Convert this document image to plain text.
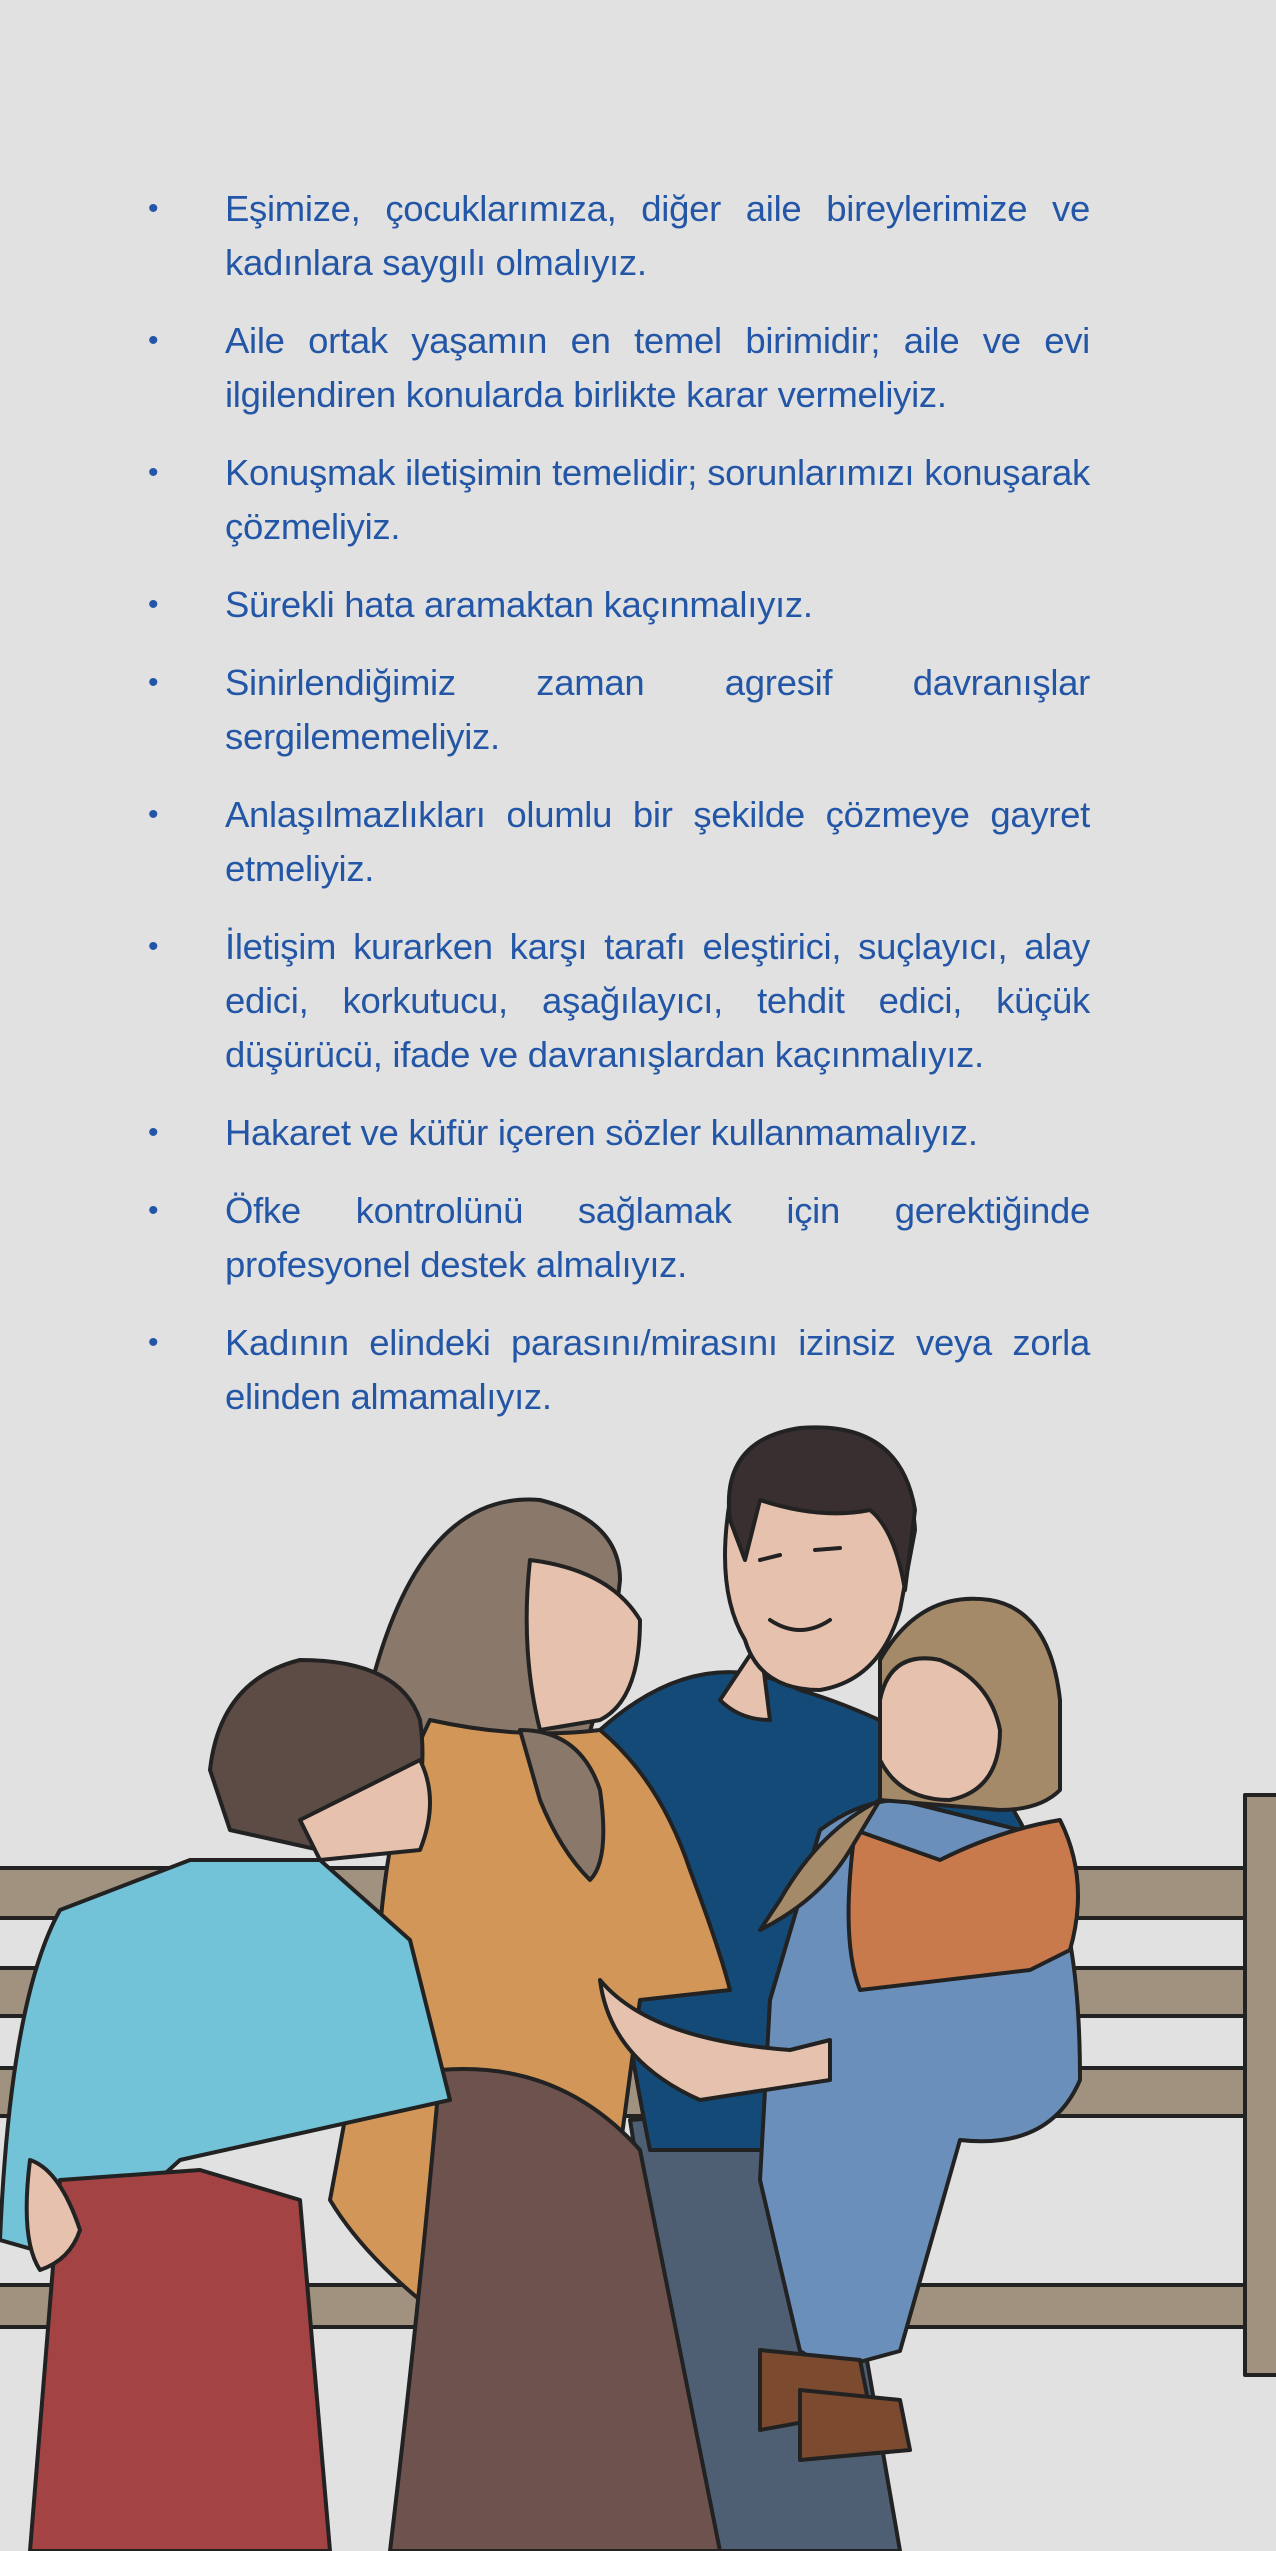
• Eşimize, çocuklarımıza, diğer aile bireylerimize ve kadınlara saygılı olmalıyız.
• Aile ortak yaşamın en temel birimidir; aile ve evi ilgilendiren konularda birlikte karar vermeliyiz.
• Konuşmak iletişimin temelidir; sorunlarımızı konuşarak çözmeliyiz.
• Sürekli hata aramaktan kaçınmalıyız.
• Sinirlendiğimiz zaman agresif davranışlar sergilememeliyiz.
• Anlaşılmazlıkları olumlu bir şekilde çözmeye gayret etmeliyiz.
• İletişim kurarken karşı tarafı eleştirici, suçlayıcı, alay edici, korkutucu, aşağılayıcı, tehdit edici, küçük düşürücü, ifade ve davranışlardan kaçınmalıyız.
• Hakaret ve küfür içeren sözler kullanmamalıyız.
• Öfke kontrolünü sağlamak için gerektiğinde profesyonel destek almalıyız.
• Kadının elindeki parasını/mirasını izinsiz veya zorla elinden almamalıyız.
